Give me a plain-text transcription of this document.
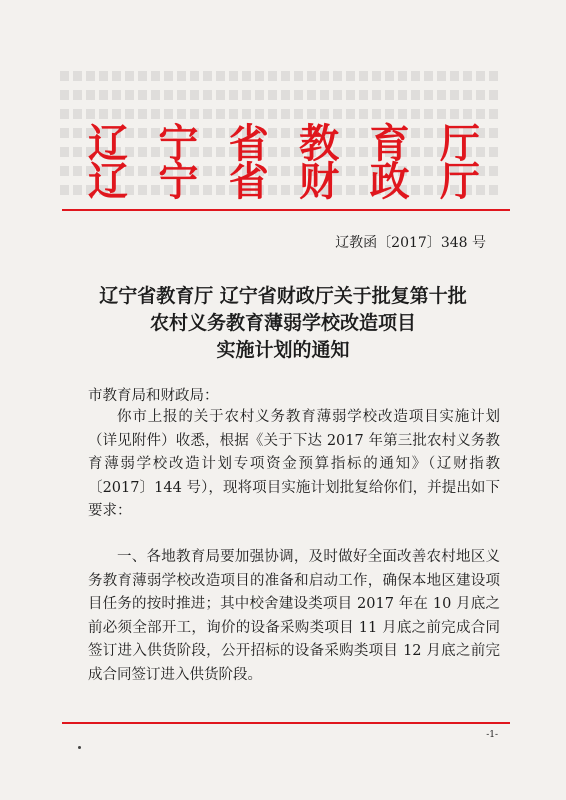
辽 宁 省 教 育 厅
辽 宁 省 财 政 厅
辽教函〔2017〕348 号
辽宁省教育厅 辽宁省财政厅关于批复第十批
农村义务教育薄弱学校改造项目
实施计划的通知
市教育局和财政局：
你市上报的关于农村义务教育薄弱学校改造项目实施计划（详见附件）收悉，根据《关于下达 2017 年第三批农村义务教育薄弱学校改造计划专项资金预算指标的通知》（辽财指教〔2017〕144 号），现将项目实施计划批复给你们，并提出如下要求：
一、各地教育局要加强协调，及时做好全面改善农村地区义务教育薄弱学校改造项目的准备和启动工作，确保本地区建设项目任务的按时推进；其中校舍建设类项目 2017 年在 10 月底之前必须全部开工，询价的设备采购类项目 11 月底之前完成合同签订进入供货阶段，公开招标的设备采购类项目 12 月底之前完成合同签订进入供货阶段。
-1-
